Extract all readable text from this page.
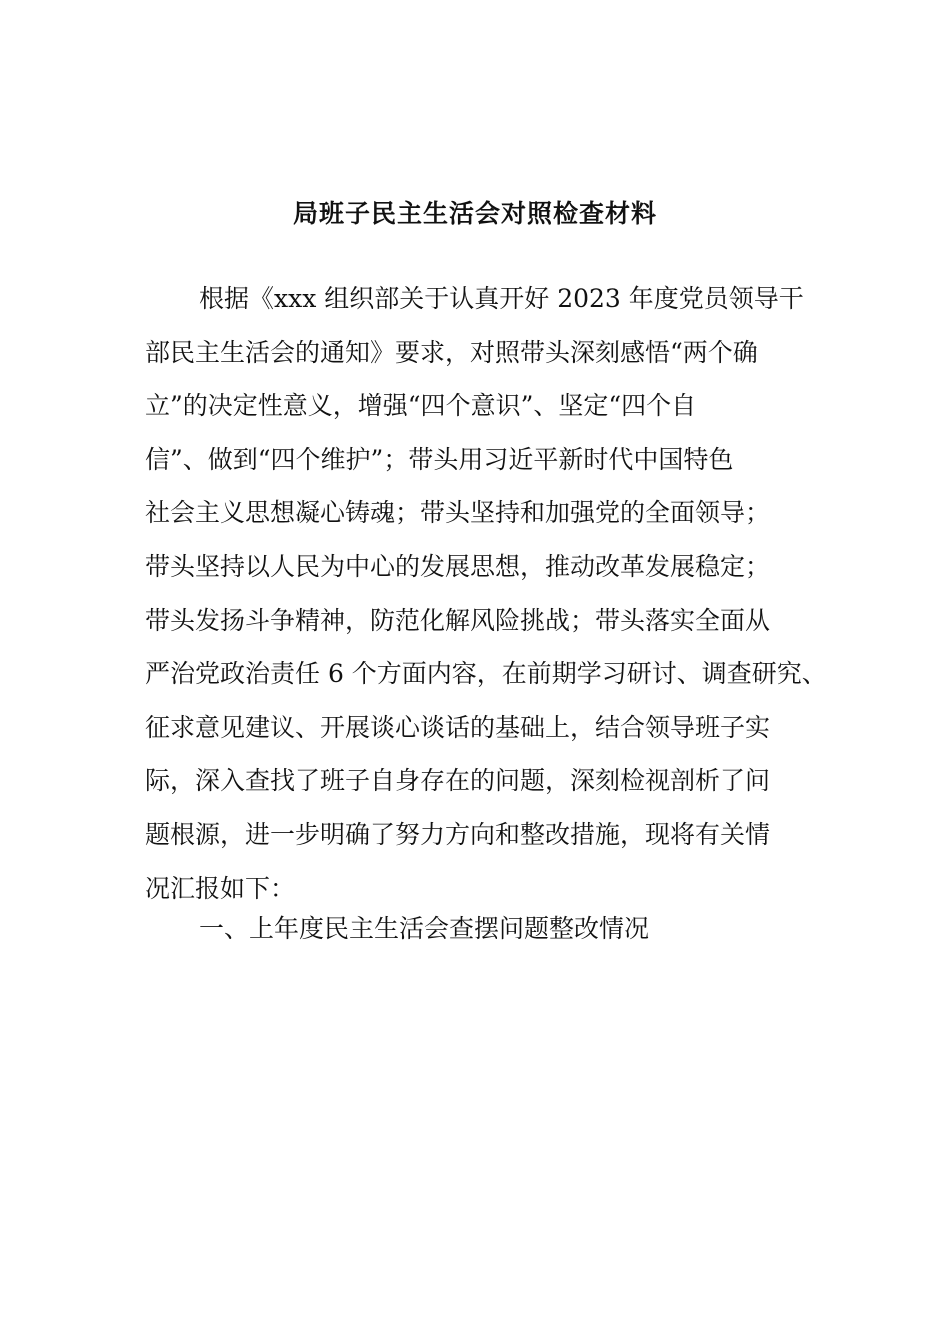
局班子民主生活会对照检查材料
根据《xxx 组织部关于认真开好 2023 年度党员领导干
部民主生活会的通知》要求，对照带头深刻感悟“两个确
立”的决定性意义，增强“四个意识”、坚定“四个自
信”、做到“四个维护”；带头用习近平新时代中国特色
社会主义思想凝心铸魂；带头坚持和加强党的全面领导；
带头坚持以人民为中心的发展思想，推动改革发展稳定；
带头发扬斗争精神，防范化解风险挑战；带头落实全面从
严治党政治责任 6 个方面内容，在前期学习研讨、调查研究、
征求意见建议、开展谈心谈话的基础上，结合领导班子实
际，深入查找了班子自身存在的问题，深刻检视剖析了问
题根源，进一步明确了努力方向和整改措施，现将有关情
况汇报如下：
一、上年度民主生活会查摆问题整改情况
